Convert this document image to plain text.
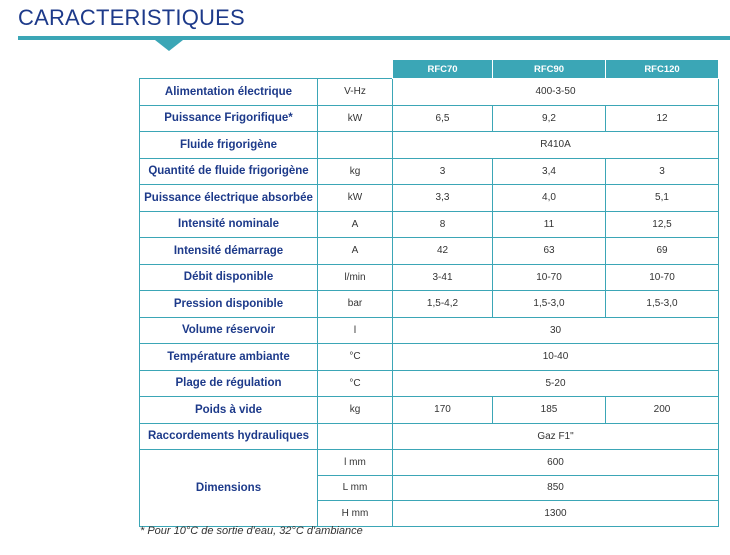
CARACTERISTIQUES
		RFC70	RFC90	RFC120
Alimentation électrique	V-Hz	400-3-50		
Puissance Frigorifique*	kW	6,5	9,2	12
Fluide frigorigène		R410A		
Quantité de fluide frigorigène	kg	3	3,4	3
Puissance électrique absorbée	kW	3,3	4,0	5,1
Intensité nominale	A	8	11	12,5
Intensité démarrage	A	42	63	69
Débit disponible	l/min	3-41	10-70	10-70
Pression disponible	bar	1,5-4,2	1,5-3,0	1,5-3,0
Volume réservoir	l	30		
Température ambiante	°C	10-40		
Plage de régulation	°C	5-20		
Poids à vide	kg	170	185	200
Raccordements hydrauliques		Gaz F1"		
Dimensions	l mm	600		
	L mm	850		
	H mm	1300		
* Pour 10°C de sortie d'eau, 32°C d'ambiance
